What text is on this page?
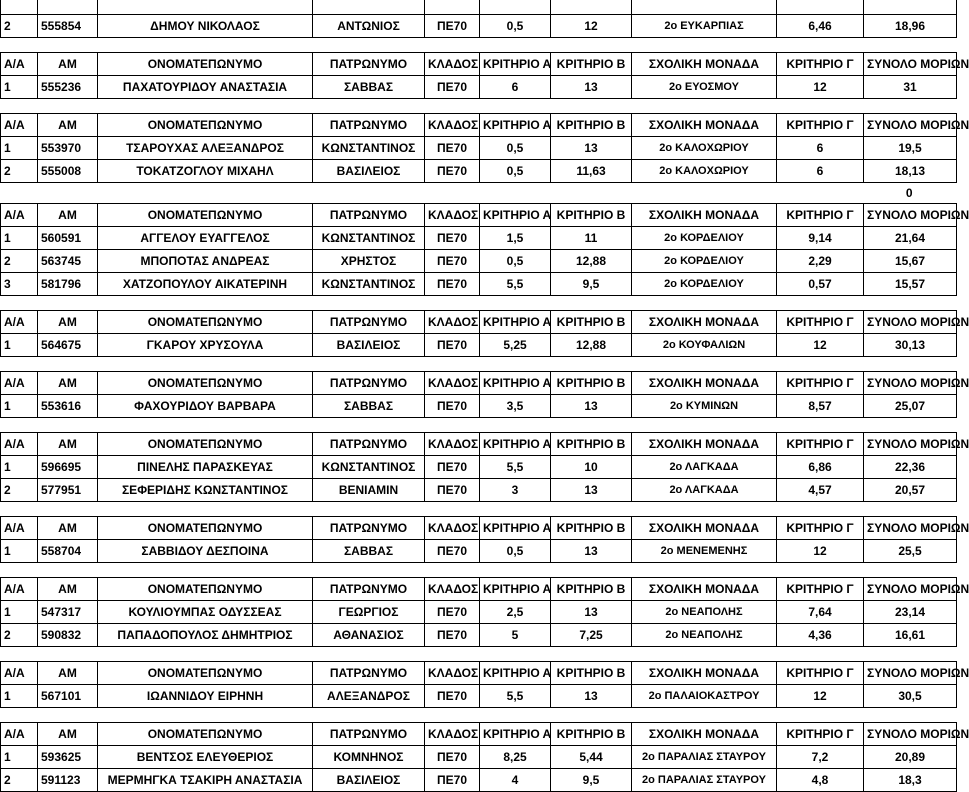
2	555854	ΔΗΜΟΥ ΝΙΚΟΛΑΟΣ	ΑΝΤΩΝΙΟΣ	ΠΕ70	0,5	12	2ο ΕΥΚΑΡΠΙΑΣ	6,46	18,96

Α/Α	ΑΜ	ΟΝΟΜΑΤΕΠΩΝΥΜΟ	ΠΑΤΡΩΝΥΜΟ	ΚΛΑΔΟΣ	ΚΡΙΤΗΡΙΟ Α	ΚΡΙΤΗΡΙΟ Β	ΣΧΟΛΙΚΗ ΜΟΝΑΔΑ	ΚΡΙΤΗΡΙΟ Γ	ΣΥΝΟΛΟ ΜΟΡΙΩΝ
1	555236	ΠΑΧΑΤΟΥΡΙΔΟΥ ΑΝΑΣΤΑΣΙΑ	ΣΑΒΒΑΣ	ΠΕ70	6	13	2ο ΕΥΟΣΜΟΥ	12	31

Α/Α	ΑΜ	ΟΝΟΜΑΤΕΠΩΝΥΜΟ	ΠΑΤΡΩΝΥΜΟ	ΚΛΑΔΟΣ	ΚΡΙΤΗΡΙΟ Α	ΚΡΙΤΗΡΙΟ Β	ΣΧΟΛΙΚΗ ΜΟΝΑΔΑ	ΚΡΙΤΗΡΙΟ Γ	ΣΥΝΟΛΟ ΜΟΡΙΩΝ
1	553970	ΤΣΑΡΟΥΧΑΣ ΑΛΕΞΑΝΔΡΟΣ	ΚΩΝΣΤΑΝΤΙΝΟΣ	ΠΕ70	0,5	13	2ο ΚΑΛΟΧΩΡΙΟΥ	6	19,5
2	555008	ΤΟΚΑΤΖΟΓΛΟΥ ΜΙΧΑΗΛ	ΒΑΣΙΛΕΙΟΣ	ΠΕ70	0,5	11,63	2ο ΚΑΛΟΧΩΡΙΟΥ	6	18,13
0									
Α/Α	ΑΜ	ΟΝΟΜΑΤΕΠΩΝΥΜΟ	ΠΑΤΡΩΝΥΜΟ	ΚΛΑΔΟΣ	ΚΡΙΤΗΡΙΟ Α	ΚΡΙΤΗΡΙΟ Β	ΣΧΟΛΙΚΗ ΜΟΝΑΔΑ	ΚΡΙΤΗΡΙΟ Γ	ΣΥΝΟΛΟ ΜΟΡΙΩΝ
1	560591	ΑΓΓΕΛΟΥ ΕΥΑΓΓΕΛΟΣ	ΚΩΝΣΤΑΝΤΙΝΟΣ	ΠΕ70	1,5	11	2ο ΚΟΡΔΕΛΙΟΥ	9,14	21,64
2	563745	ΜΠΟΠΟΤΑΣ ΑΝΔΡΕΑΣ	ΧΡΗΣΤΟΣ	ΠΕ70	0,5	12,88	2ο ΚΟΡΔΕΛΙΟΥ	2,29	15,67
3	581796	ΧΑΤΖΟΠΟΥΛΟΥ ΑΙΚΑΤΕΡΙΝΗ	ΚΩΝΣΤΑΝΤΙΝΟΣ	ΠΕ70	5,5	9,5	2ο ΚΟΡΔΕΛΙΟΥ	0,57	15,57

Α/Α	ΑΜ	ΟΝΟΜΑΤΕΠΩΝΥΜΟ	ΠΑΤΡΩΝΥΜΟ	ΚΛΑΔΟΣ	ΚΡΙΤΗΡΙΟ Α	ΚΡΙΤΗΡΙΟ Β	ΣΧΟΛΙΚΗ ΜΟΝΑΔΑ	ΚΡΙΤΗΡΙΟ Γ	ΣΥΝΟΛΟ ΜΟΡΙΩΝ
1	564675	ΓΚΑΡΟΥ ΧΡΥΣΟΥΛΑ	ΒΑΣΙΛΕΙΟΣ	ΠΕ70	5,25	12,88	2ο ΚΟΥΦΑΛΙΩΝ	12	30,13

Α/Α	ΑΜ	ΟΝΟΜΑΤΕΠΩΝΥΜΟ	ΠΑΤΡΩΝΥΜΟ	ΚΛΑΔΟΣ	ΚΡΙΤΗΡΙΟ Α	ΚΡΙΤΗΡΙΟ Β	ΣΧΟΛΙΚΗ ΜΟΝΑΔΑ	ΚΡΙΤΗΡΙΟ Γ	ΣΥΝΟΛΟ ΜΟΡΙΩΝ
1	553616	ΦΑΧΟΥΡΙΔΟΥ ΒΑΡΒΑΡΑ	ΣΑΒΒΑΣ	ΠΕ70	3,5	13	2ο ΚΥΜΙΝΩΝ	8,57	25,07

Α/Α	ΑΜ	ΟΝΟΜΑΤΕΠΩΝΥΜΟ	ΠΑΤΡΩΝΥΜΟ	ΚΛΑΔΟΣ	ΚΡΙΤΗΡΙΟ Α	ΚΡΙΤΗΡΙΟ Β	ΣΧΟΛΙΚΗ ΜΟΝΑΔΑ	ΚΡΙΤΗΡΙΟ Γ	ΣΥΝΟΛΟ ΜΟΡΙΩΝ
1	596695	ΠΙΝΕΛΗΣ ΠΑΡΑΣΚΕΥΑΣ	ΚΩΝΣΤΑΝΤΙΝΟΣ	ΠΕ70	5,5	10	2ο ΛΑΓΚΑΔΑ	6,86	22,36
2	577951	ΣΕΦΕΡΙΔΗΣ ΚΩΝΣΤΑΝΤΙΝΟΣ	ΒΕΝΙΑΜΙΝ	ΠΕ70	3	13	2ο ΛΑΓΚΑΔΑ	4,57	20,57

Α/Α	ΑΜ	ΟΝΟΜΑΤΕΠΩΝΥΜΟ	ΠΑΤΡΩΝΥΜΟ	ΚΛΑΔΟΣ	ΚΡΙΤΗΡΙΟ Α	ΚΡΙΤΗΡΙΟ Β	ΣΧΟΛΙΚΗ ΜΟΝΑΔΑ	ΚΡΙΤΗΡΙΟ Γ	ΣΥΝΟΛΟ ΜΟΡΙΩΝ
1	558704	ΣΑΒΒΙΔΟΥ ΔΕΣΠΟΙΝΑ	ΣΑΒΒΑΣ	ΠΕ70	0,5	13	2ο ΜΕΝΕΜΕΝΗΣ	12	25,5

Α/Α	ΑΜ	ΟΝΟΜΑΤΕΠΩΝΥΜΟ	ΠΑΤΡΩΝΥΜΟ	ΚΛΑΔΟΣ	ΚΡΙΤΗΡΙΟ Α	ΚΡΙΤΗΡΙΟ Β	ΣΧΟΛΙΚΗ ΜΟΝΑΔΑ	ΚΡΙΤΗΡΙΟ Γ	ΣΥΝΟΛΟ ΜΟΡΙΩΝ
1	547317	ΚΟΥΛΙΟΥΜΠΑΣ ΟΔΥΣΣΕΑΣ	ΓΕΩΡΓΙΟΣ	ΠΕ70	2,5	13	2ο ΝΕΑΠΟΛΗΣ	7,64	23,14
2	590832	ΠΑΠΑΔΟΠΟΥΛΟΣ ΔΗΜΗΤΡΙΟΣ	ΑΘΑΝΑΣΙΟΣ	ΠΕ70	5	7,25	2ο ΝΕΑΠΟΛΗΣ	4,36	16,61

Α/Α	ΑΜ	ΟΝΟΜΑΤΕΠΩΝΥΜΟ	ΠΑΤΡΩΝΥΜΟ	ΚΛΑΔΟΣ	ΚΡΙΤΗΡΙΟ Α	ΚΡΙΤΗΡΙΟ Β	ΣΧΟΛΙΚΗ ΜΟΝΑΔΑ	ΚΡΙΤΗΡΙΟ Γ	ΣΥΝΟΛΟ ΜΟΡΙΩΝ
1	567101	ΙΩΑΝΝΙΔΟΥ ΕΙΡΗΝΗ	ΑΛΕΞΑΝΔΡΟΣ	ΠΕ70	5,5	13	2ο ΠΑΛΑΙΟΚΑΣΤΡΟΥ	12	30,5

Α/Α	ΑΜ	ΟΝΟΜΑΤΕΠΩΝΥΜΟ	ΠΑΤΡΩΝΥΜΟ	ΚΛΑΔΟΣ	ΚΡΙΤΗΡΙΟ Α	ΚΡΙΤΗΡΙΟ Β	ΣΧΟΛΙΚΗ ΜΟΝΑΔΑ	ΚΡΙΤΗΡΙΟ Γ	ΣΥΝΟΛΟ ΜΟΡΙΩΝ
1	593625	ΒΕΝΤΣΟΣ ΕΛΕΥΘΕΡΙΟΣ	ΚΟΜΝΗΝΟΣ	ΠΕ70	8,25	5,44	2ο ΠΑΡΑΛΙΑΣ ΣΤΑΥΡΟΥ	7,2	20,89
2	591123	ΜΕΡΜΗΓΚΑ ΤΣΑΚΙΡΗ ΑΝΑΣΤΑΣΙΑ	ΒΑΣΙΛΕΙΟΣ	ΠΕ70	4	9,5	2ο ΠΑΡΑΛΙΑΣ ΣΤΑΥΡΟΥ	4,8	18,3
